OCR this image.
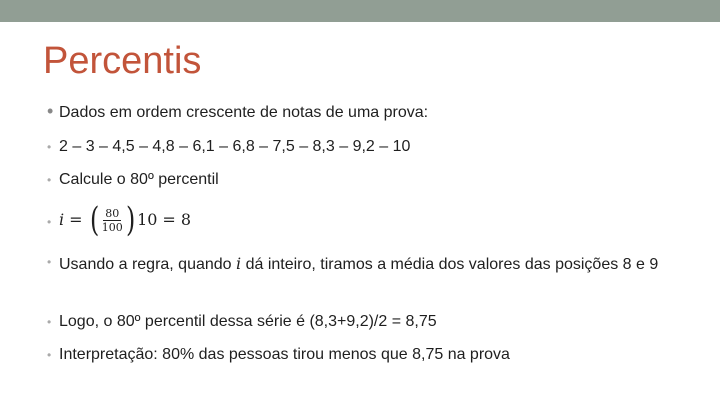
Percentis
• Dados em ordem crescente de notas de uma prova:
• 2 – 3 – 4,5 – 4,8 – 6,1 – 6,8 – 7,5 – 8,3 – 9,2 – 10
• Calcule o 80º percentil
• i = ( $\frac{80}{100}$ ) 10 = 8
• Usando a regra, quando i dá inteiro, tiramos a média dos valores das posições 8 e 9
• Logo, o 80º percentil dessa série é (8,3+9,2)/2 = 8,75
• Interpretação: 80% das pessoas tirou menos que 8,75 na prova
